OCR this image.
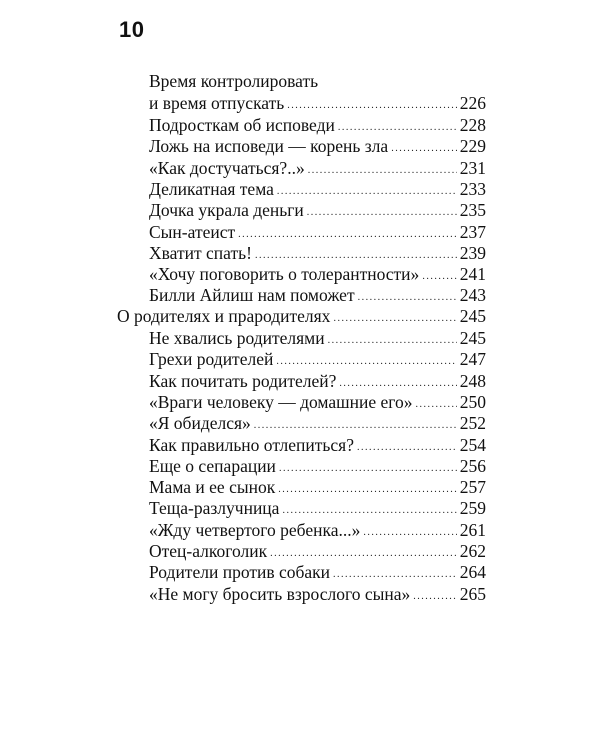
10
Время контролировать
и время отпускать .....	226
Подросткам об исповеди .....	228
Ложь на исповеди — корень зла .....	229
«Как достучаться?..» .....	231
Деликатная тема .....	233
Дочка украла деньги .....	235
Сын-атеист .....	237
Хватит спать! .....	239
«Хочу поговорить о толерантности» ..... 241
Билли Айлиш нам поможет .....	243
О родителях и прародителях .....	245
Не хвались родителями .....	245
Грехи родителей .....	247
Как почитать родителей? .....	248
«Враги человеку — домашние его» .....	250
«Я обиделся» .....	252
Как правильно отлепиться? .....	254
Еще о сепарации .....	256
Мама и ее сынок .....	257
Теща-разлучница .....	259
«Жду четвертого ребенка...» .....	261
Отец-алкоголик .....	262
Родители против собаки .....	264
«Не могу бросить взрослого сына» .....	265
